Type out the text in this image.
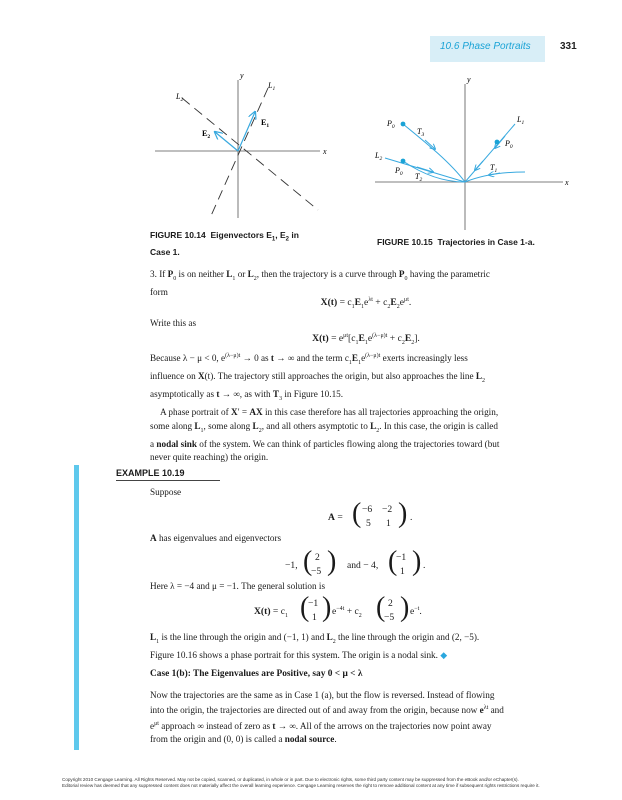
10.6 Phase Portraits	331
y
x
$L_1$
$L_2$
$E_1$
$E_2$
FIGURE 10.14 Eigenvectors $E_1$, $E_2$ in
Case 1.
y
x
$L_1$
$L_2$
$P_0$
$P_0$
$P_0$
$T_3$
$T_1$
$T_2$
FIGURE 10.15 Trajectories in Case 1-a.
3. If $P_0$ is on neither $L_1$ or $L_2$, then the trajectory is a curve through $P_0$ having the parametric
form
$X(t) = c_1E_1e^{\lambda t} + c_2E_2e^{\mu t}$.
Write this as
$X(t) = e^{\mu t}[c_1E_1e^{(\lambda-\mu)t} + c_2E_2]$.
Because λ − μ < 0, $e^{(\lambda-\mu)t} \to 0$ as t → ∞ and the term $c_1E_1e^{(\lambda-\mu)t}$ exerts increasingly less
influence on X(t). The trajectory still approaches the origin, but also approaches the line $L_2$
asymptotically as t → ∞, as with $T_3$ in Figure 10.15.
A phase portrait of X′ = AX in this case therefore has all trajectories approaching the origin,
some along $L_1$, some along $L_2$, and all others asymptotic to $L_2$. In this case, the origin is called
a nodal sink of the system. We can think of particles flowing along the trajectories toward (but
never quite reaching) the origin.
EXAMPLE 10.19
Suppose
A = ( −6 −2
5 1 ) .
A has eigenvalues and eigenvectors
−1, ( 2
−5 ) and − 4, (
−1
1 ) .
Here λ = −4 and μ = −1. The general solution is
$X(t) = c_1$ (
−1
1 ) $e^{-4t} + c_2$ ( 2
−5 ) $e^{-t}$.
$L_1$ is the line through the origin and (−1, 1) and $L_2$ the line through the origin and (2, −5).
Figure 10.16 shows a phase portrait for this system. The origin is a nodal sink. ◆
Case 1(b): The Eigenvalues are Positive, say 0 < μ < λ
Now the trajectories are the same as in Case 1 (a), but the flow is reversed. Instead of flowing
into the origin, the trajectories are directed out of and away from the origin, because now $e^{\lambda t}$ and
$e^{\mu t}$ approach ∞ instead of zero as t → ∞. All of the arrows on the trajectories now point away
from the origin and (0, 0) is called a nodal source.
Copyright 2010 Cengage Learning. All Rights Reserved. May not be copied, scanned, or duplicated, in whole or in part. Due to electronic rights, some third party content may be suppressed from the eBook and/or eChapter(s).
Editorial review has deemed that any suppressed content does not materially affect the overall learning experience. Cengage Learning reserves the right to remove additional content at any time if subsequent rights restrictions require it.
